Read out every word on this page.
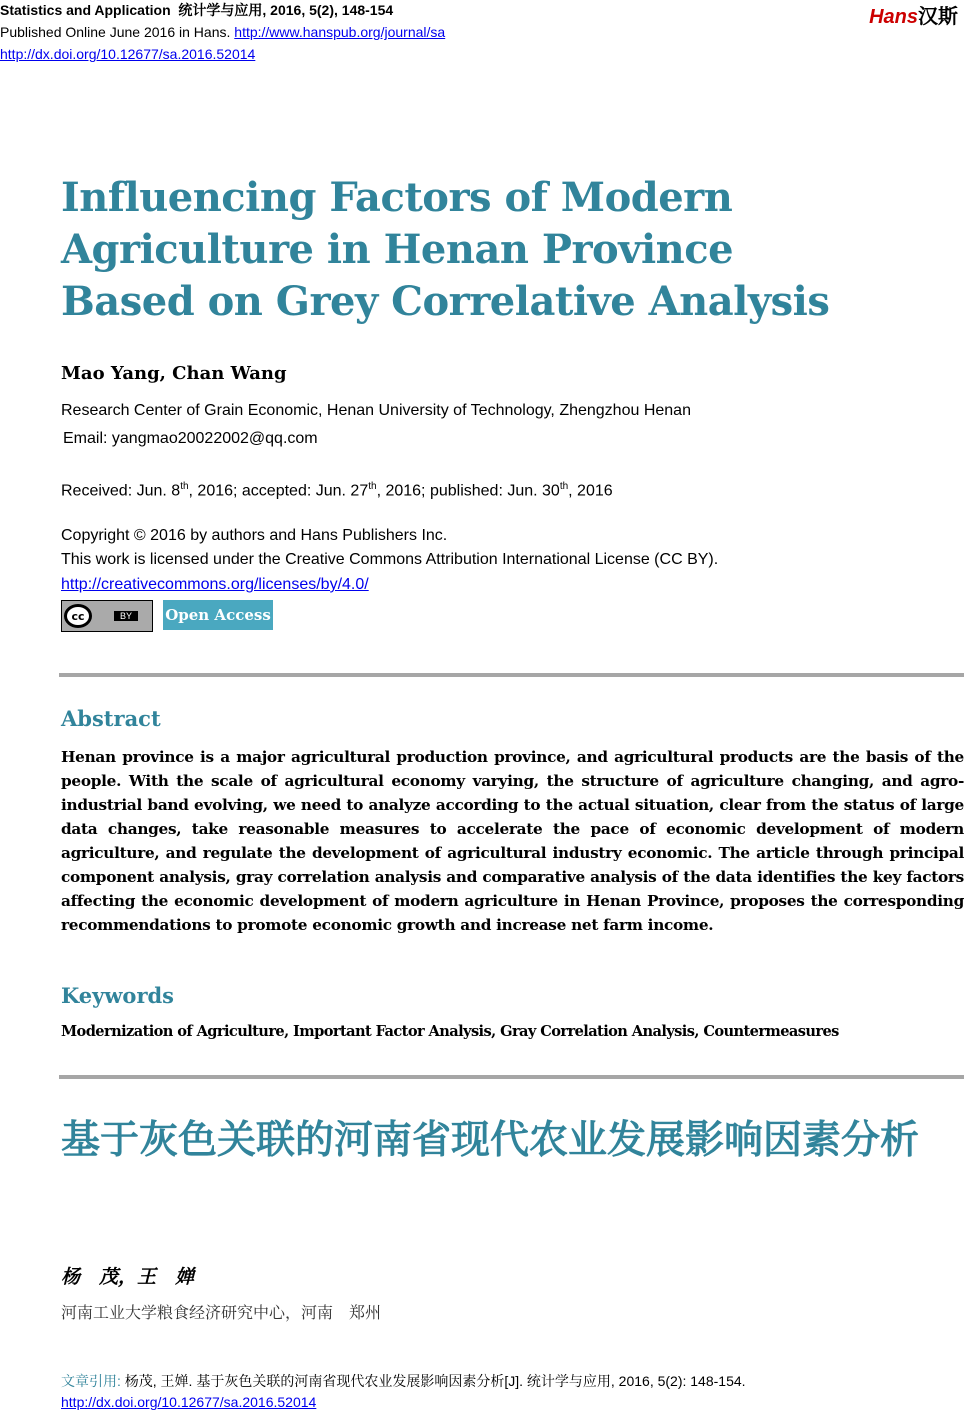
Statistics and Application 统计学与应用, 2016, 5(2), 148-154
Published Online June 2016 in Hans. http://www.hanspub.org/journal/sa
http://dx.doi.org/10.12677/sa.2016.52014
Hans汉斯
Influencing Factors of Modern
Agriculture in Henan Province
Based on Grey Correlative Analysis
Mao Yang, Chan Wang
Research Center of Grain Economic, Henan University of Technology, Zhengzhou Henan
Email: yangmao20022002@qq.com
Received: Jun. 8th, 2016; accepted: Jun. 27th, 2016; published: Jun. 30th, 2016
Copyright © 2016 by authors and Hans Publishers Inc.
This work is licensed under the Creative Commons Attribution International License (CC BY).
http://creativecommons.org/licenses/by/4.0/
cc	BY	Open Access
Abstract
Henan province is a major agricultural production province, and agricultural products are the basis of the people. With the scale of agricultural economy varying, the structure of agriculture changing, and agro-industrial band evolving, we need to analyze according to the actual situation, clear from the status of large data changes, take reasonable measures to accelerate the pace of economic development of modern agriculture, and regulate the development of agricultural industry economic. The article through principal component analysis, gray correlation analysis and comparative analysis of the data identifies the key factors affecting the economic development of modern agriculture in Henan Province, proposes the corresponding recommendations to promote economic growth and increase net farm income.
Keywords
Modernization of Agriculture, Important Factor Analysis, Gray Correlation Analysis, Countermeasures
基于灰色关联的河南省现代农业发展影响因素分析
杨　茂，王　婵
河南工业大学粮食经济研究中心，河南　郑州
文章引用: 杨茂, 王婵. 基于灰色关联的河南省现代农业发展影响因素分析[J]. 统计学与应用, 2016, 5(2): 148-154.
http://dx.doi.org/10.12677/sa.2016.52014
